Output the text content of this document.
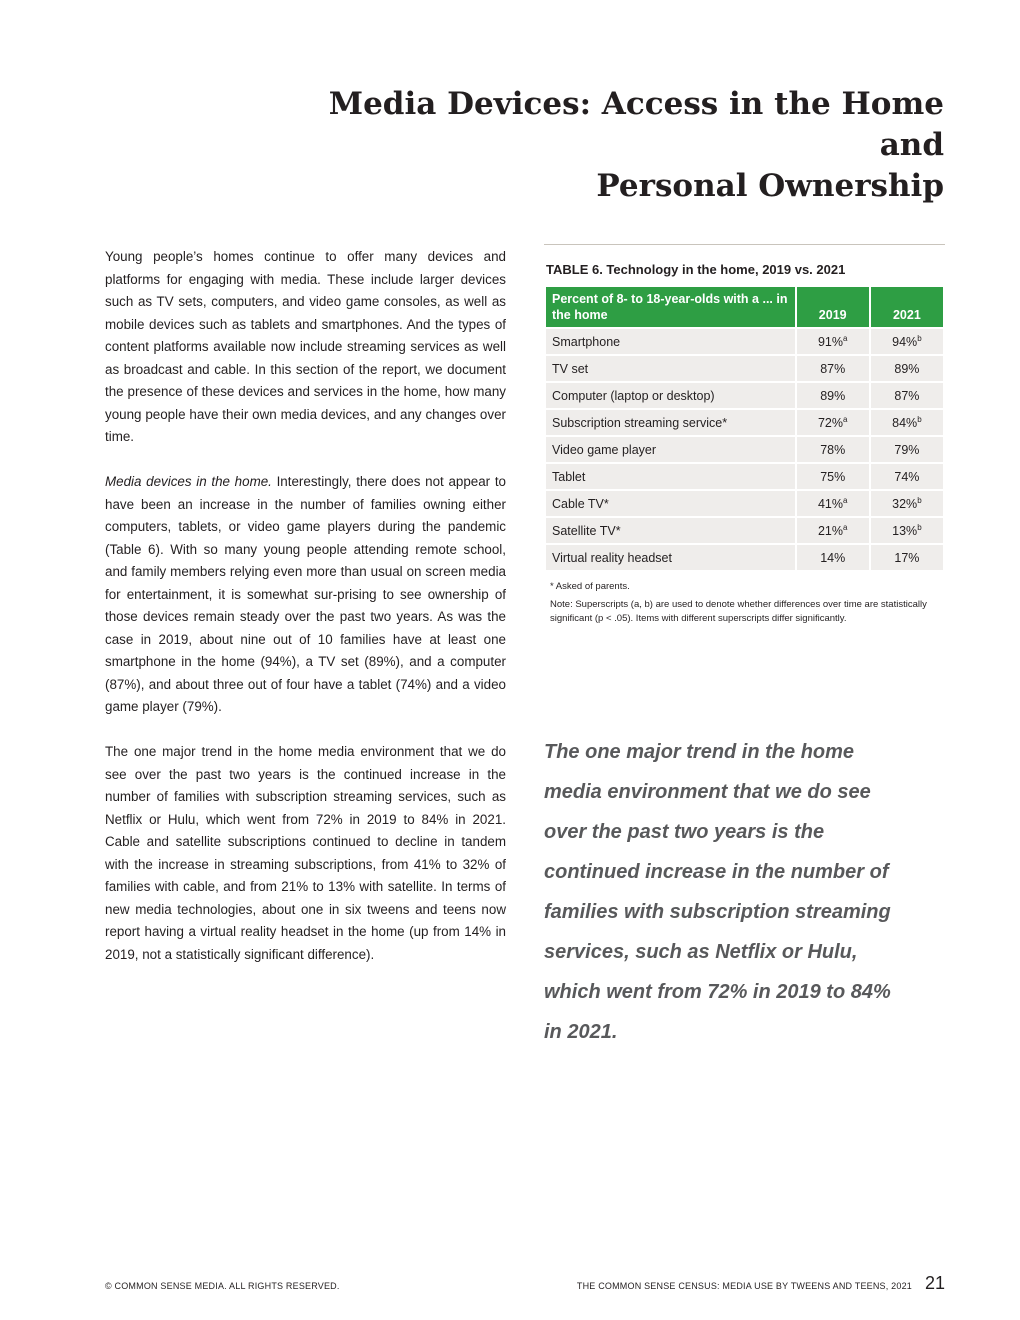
Media Devices: Access in the Home and
Personal Ownership

Young people’s homes continue to offer many devices and platforms for engaging with media. These include larger devices such as TV sets, computers, and video game consoles, as well as mobile devices such as tablets and smartphones. And the types of content platforms available now include streaming services as well as broadcast and cable. In this section of the report, we document the presence of these devices and services in the home, how many young people have their own media devices, and any changes over time.

Media devices in the home. Interestingly, there does not appear to have been an increase in the number of families owning either computers, tablets, or video game players during the pandemic (Table 6). With so many young people attending remote school, and family members relying even more than usual on screen media for entertainment, it is somewhat sur-prising to see ownership of those devices remain steady over the past two years. As was the case in 2019, about nine out of 10 families have at least one smartphone in the home (94%), a TV set (89%), and a computer (87%), and about three out of four have a tablet (74%) and a video game player (79%).

The one major trend in the home media environment that we do see over the past two years is the continued increase in the number of families with subscription streaming services, such as Netflix or Hulu, which went from 72% in 2019 to 84% in 2021. Cable and satellite subscriptions continued to decline in tandem with the increase in streaming subscriptions, from 41% to 32% of families with cable, and from 21% to 13% with satellite. In terms of new media technologies, about one in six tweens and teens now report having a virtual reality headset in the home (up from 14% in 2019, not a statistically significant difference).

TABLE 6. Technology in the home, 2019 vs. 2021
Percent of 8- to 18-year-olds with a ... in the home	2019	2021
Smartphone	91%$^a$	94%$^b$
TV set	87%	89%
Computer (laptop or desktop)	89%	87%
Subscription streaming service*	72%$^a$	84%$^b$
Video game player	78%	79%
Tablet	75%	74%
Cable TV*	41%$^a$	32%$^b$
Satellite TV*	21%$^a$	13%$^b$
Virtual reality headset	14%	17%
* Asked of parents.
Note: Superscripts (a, b) are used to denote whether differences over time are statistically significant (p < .05). Items with different superscripts differ significantly.

The one major trend in the home media environment that we do see over the past two years is the continued increase in the number of families with subscription streaming services, such as Netflix or Hulu, which went from 72% in 2019 to 84% in 2021.

© COMMON SENSE MEDIA. ALL RIGHTS RESERVED.	THE COMMON SENSE CENSUS: MEDIA USE BY TWEENS AND TEENS, 2021 21
